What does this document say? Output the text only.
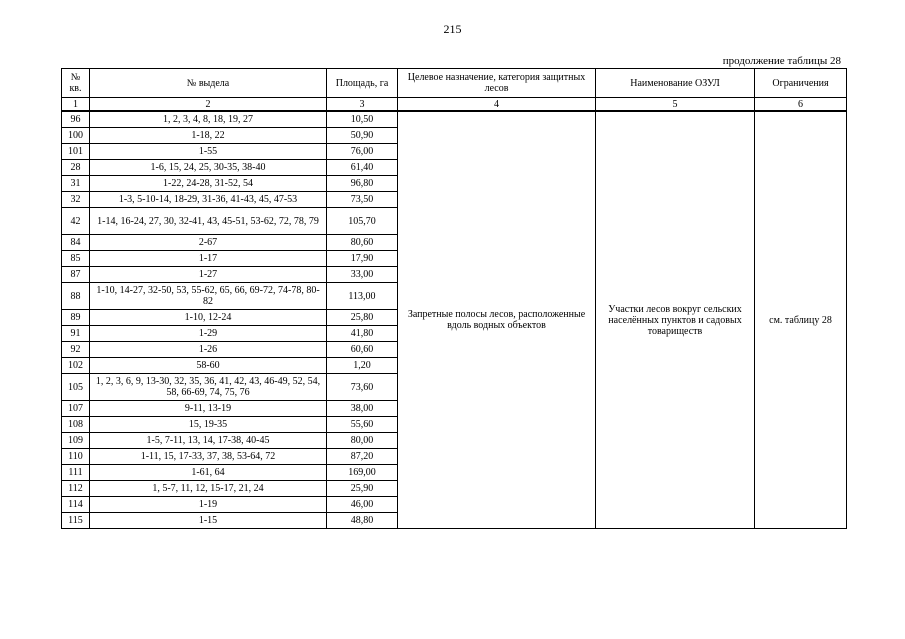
215
продолжение таблицы 28
№ кв.	№ выдела	Площадь, га	Целевое назначение, категория защитных лесов	Наименование ОЗУЛ	Ограничения
1	2	3	4	5	6
96	1, 2, 3, 4, 8, 18, 19, 27	10,50	Запретные полосы лесов, расположенные вдоль водных объектов	Участки лесов вокруг сельских населённых пунктов и садовых товариществ	см. таблицу 28
100	1-18, 22	50,90			
101	1-55	76,00			
28	1-6, 15, 24, 25, 30-35, 38-40	61,40			
31	1-22, 24-28, 31-52, 54	96,80			
32	1-3, 5-10-14, 18-29, 31-36, 41-43, 45, 47-53	73,50			
42	1-14, 16-24, 27, 30, 32-41, 43, 45-51, 53-62, 72, 78, 79	105,70			
84	2-67	80,60			
85	1-17	17,90			
87	1-27	33,00			
88	1-10, 14-27, 32-50, 53, 55-62, 65, 66, 69-72, 74-78, 80-82	113,00			
89	1-10, 12-24	25,80			
91	1-29	41,80			
92	1-26	60,60			
102	58-60	1,20			
105	1, 2, 3, 6, 9, 13-30, 32, 35, 36, 41, 42, 43, 46-49, 52, 54, 58, 66-69, 74, 75, 76	73,60			
107	9-11, 13-19	38,00			
108	15, 19-35	55,60			
109	1-5, 7-11, 13, 14, 17-38, 40-45	80,00			
110	1-11, 15, 17-33, 37, 38, 53-64, 72	87,20			
111	1-61, 64	169,00			
112	1, 5-7, 11, 12, 15-17, 21, 24	25,90			
114	1-19	46,00			
115	1-15	48,80			
